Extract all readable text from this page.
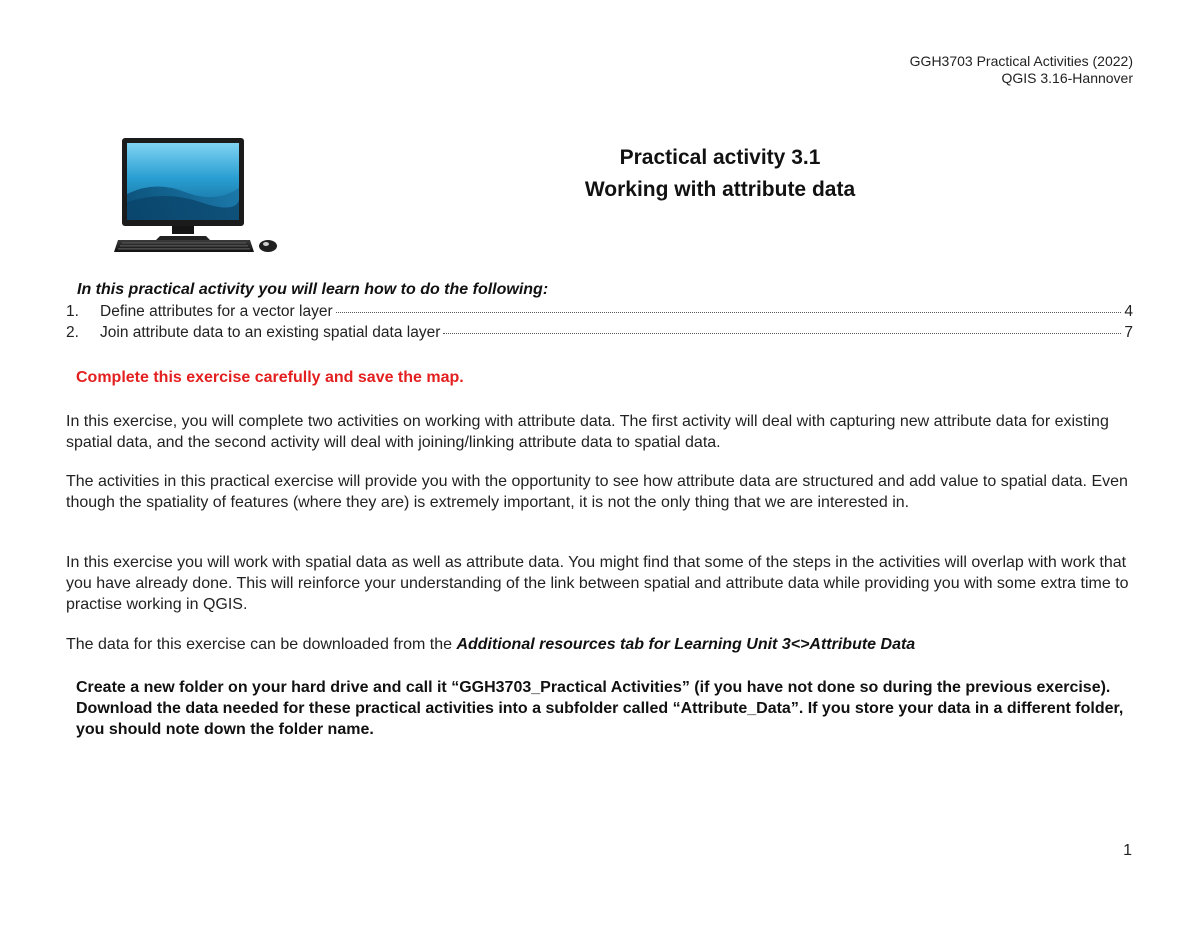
GGH3703 Practical Activities (2022)
QGIS 3.16-Hannover
Practical activity 3.1
Working with attribute data
In this practical activity you will learn how to do the following:
1.	Define attributes for a vector layer	4
2.	Join attribute data to an existing spatial data layer	7
Complete this exercise carefully and save the map.
In this exercise, you will complete two activities on working with attribute data. The first activity will deal with capturing new attribute data for existing spatial data, and the second activity will deal with joining/linking attribute data to spatial data.
The activities in this practical exercise will provide you with the opportunity to see how attribute data are structured and add value to spatial data. Even though the spatiality of features (where they are) is extremely important, it is not the only thing that we are interested in.
In this exercise you will work with spatial data as well as attribute data. You might find that some of the steps in the activities will overlap with work that you have already done. This will reinforce your understanding of the link between spatial and attribute data while providing you with some extra time to practise working in QGIS.
The data for this exercise can be downloaded from the Additional resources tab for Learning Unit 3<>Attribute Data
Create a new folder on your hard drive and call it “GGH3703_Practical Activities” (if you have not done so during the previous exercise). Download the data needed for these practical activities into a subfolder called “Attribute_Data”. If you store your data in a different folder, you should note down the folder name.
1
